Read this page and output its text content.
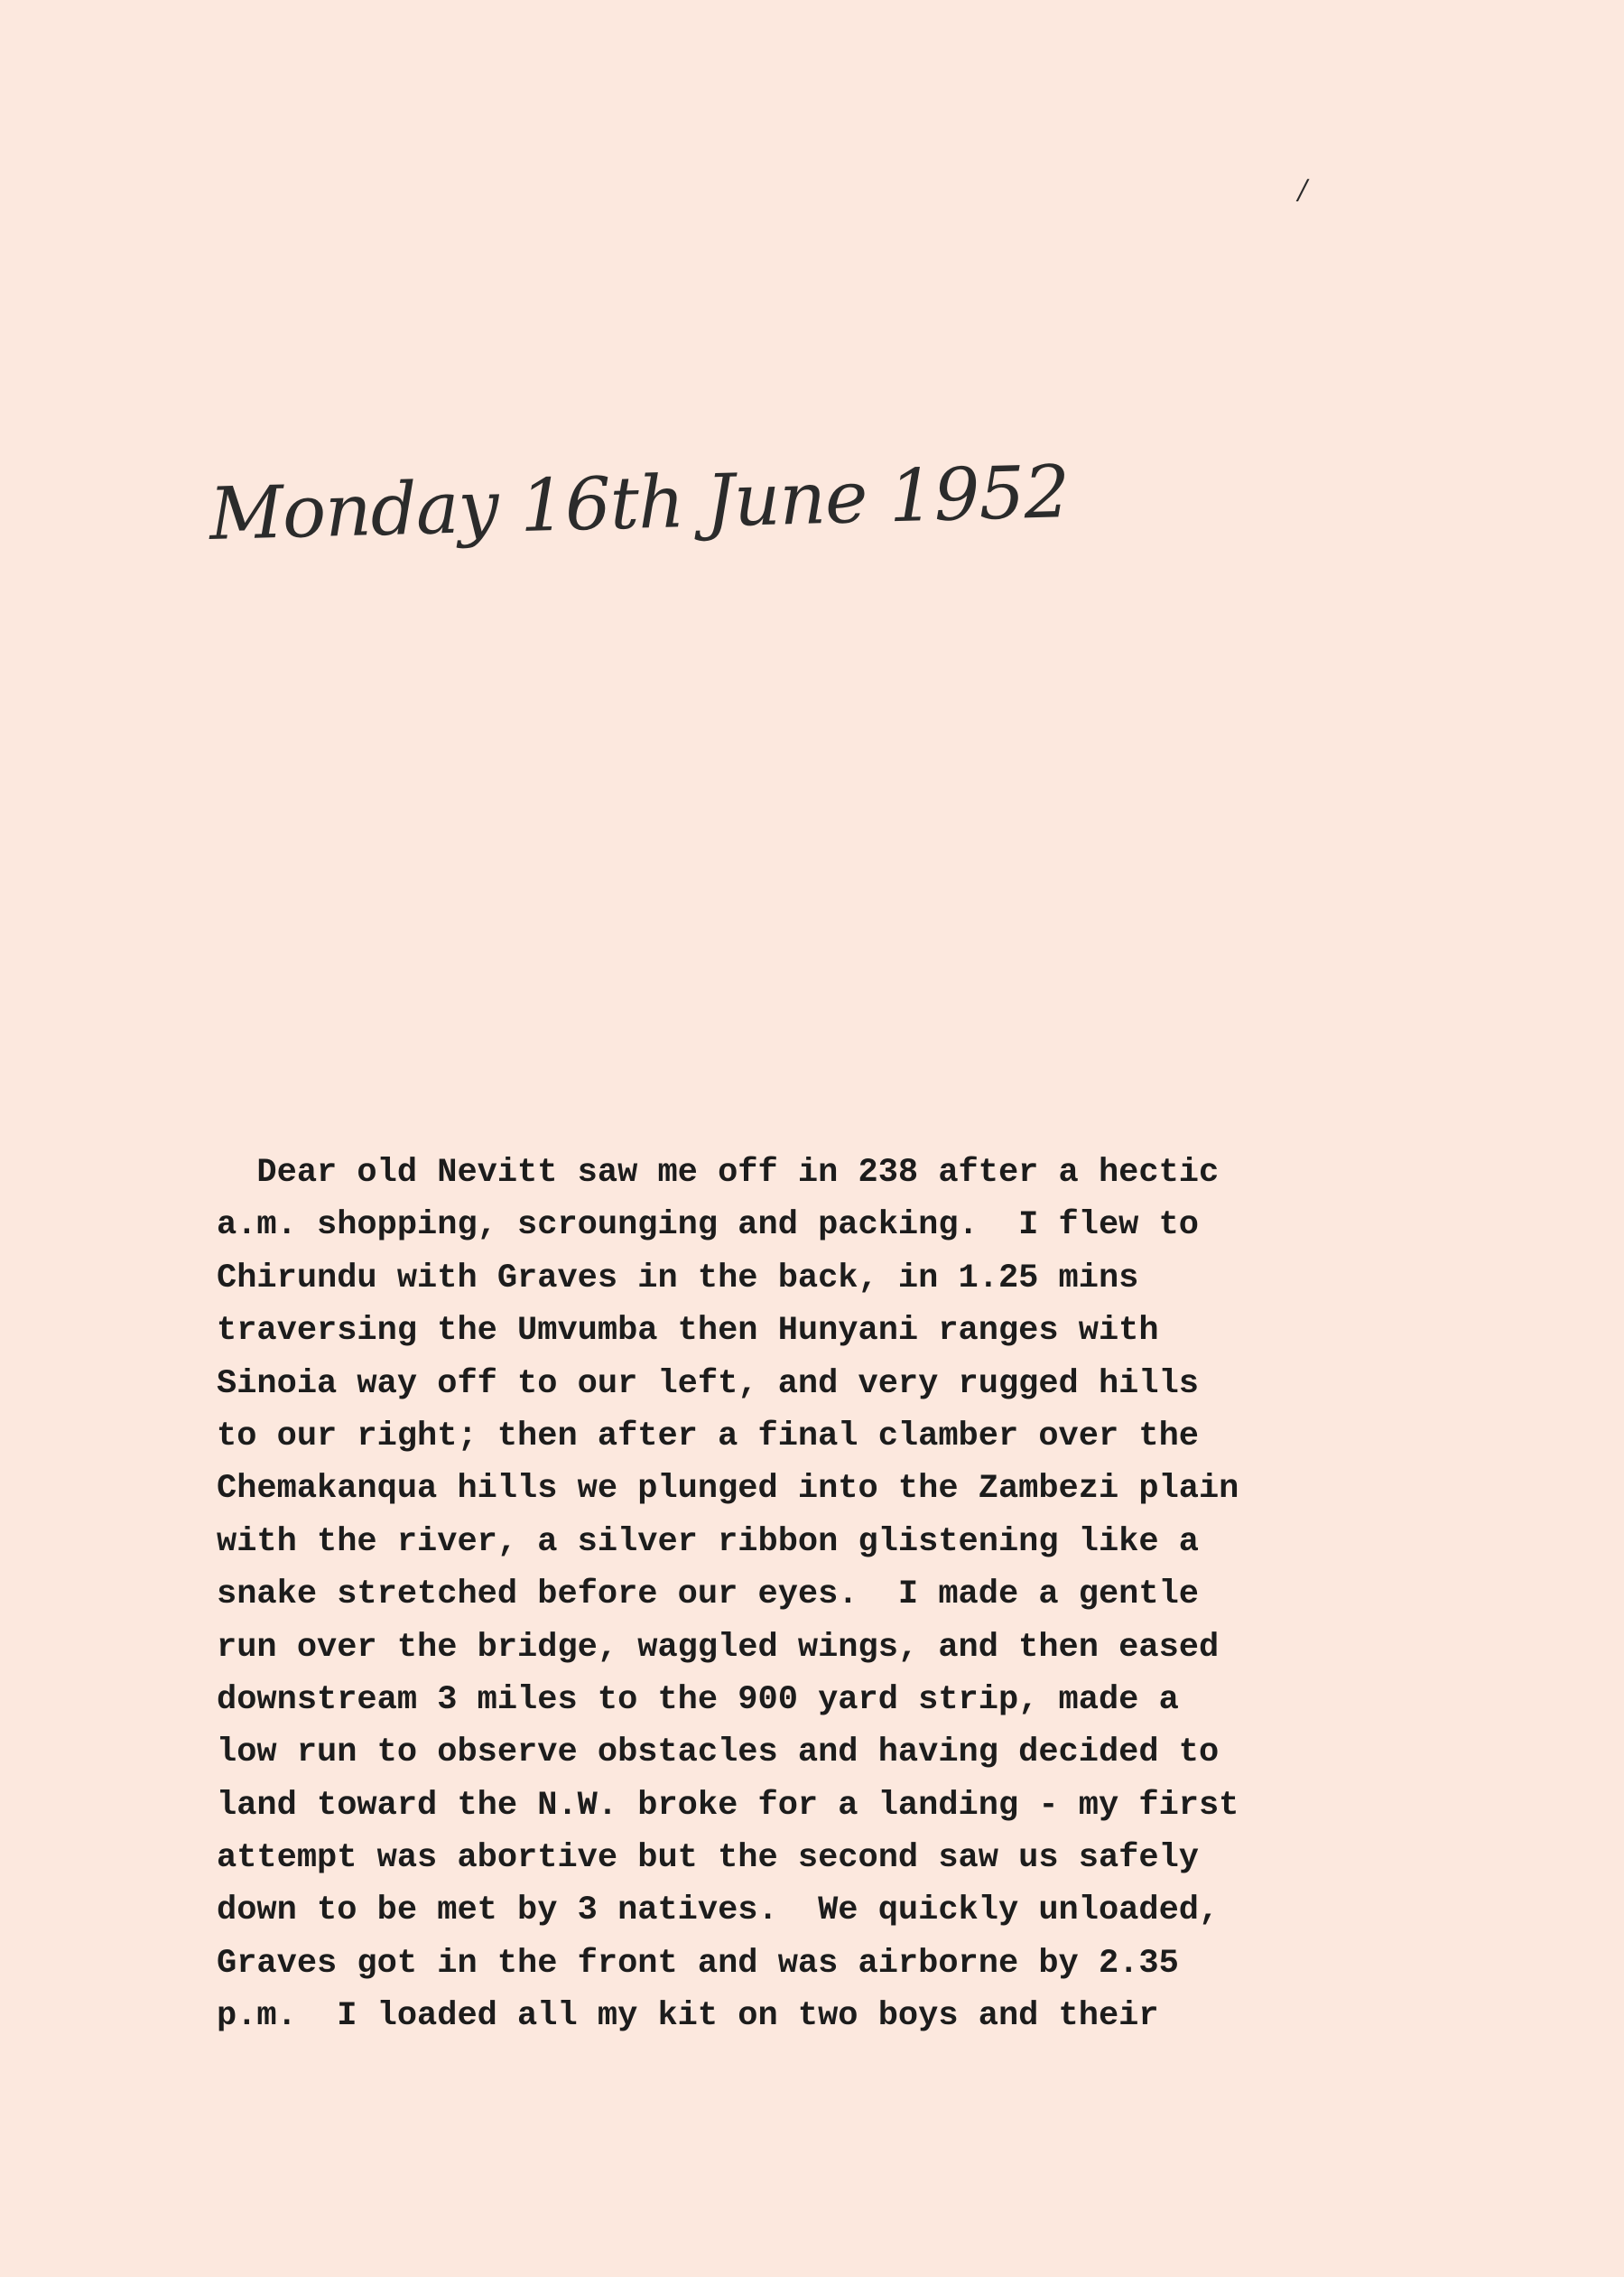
/
Monday 16th June 1952
Dear old Nevitt saw me off in 238 after a hectic
a.m. shopping, scrounging and packing.  I flew to
Chirundu with Graves in the back, in 1.25 mins
traversing the Umvumba then Hunyani ranges with
Sinoia way off to our left, and very rugged hills
to our right; then after a final clamber over the
Chemakanqua hills we plunged into the Zambezi plain
with the river, a silver ribbon glistening like a
snake stretched before our eyes.  I made a gentle
run over the bridge, waggled wings, and then eased
downstream 3 miles to the 900 yard strip, made a
low run to observe obstacles and having decided to
land toward the N.W. broke for a landing - my first
attempt was abortive but the second saw us safely
down to be met by 3 natives.  We quickly unloaded,
Graves got in the front and was airborne by 2.35
p.m.  I loaded all my kit on two boys and their
